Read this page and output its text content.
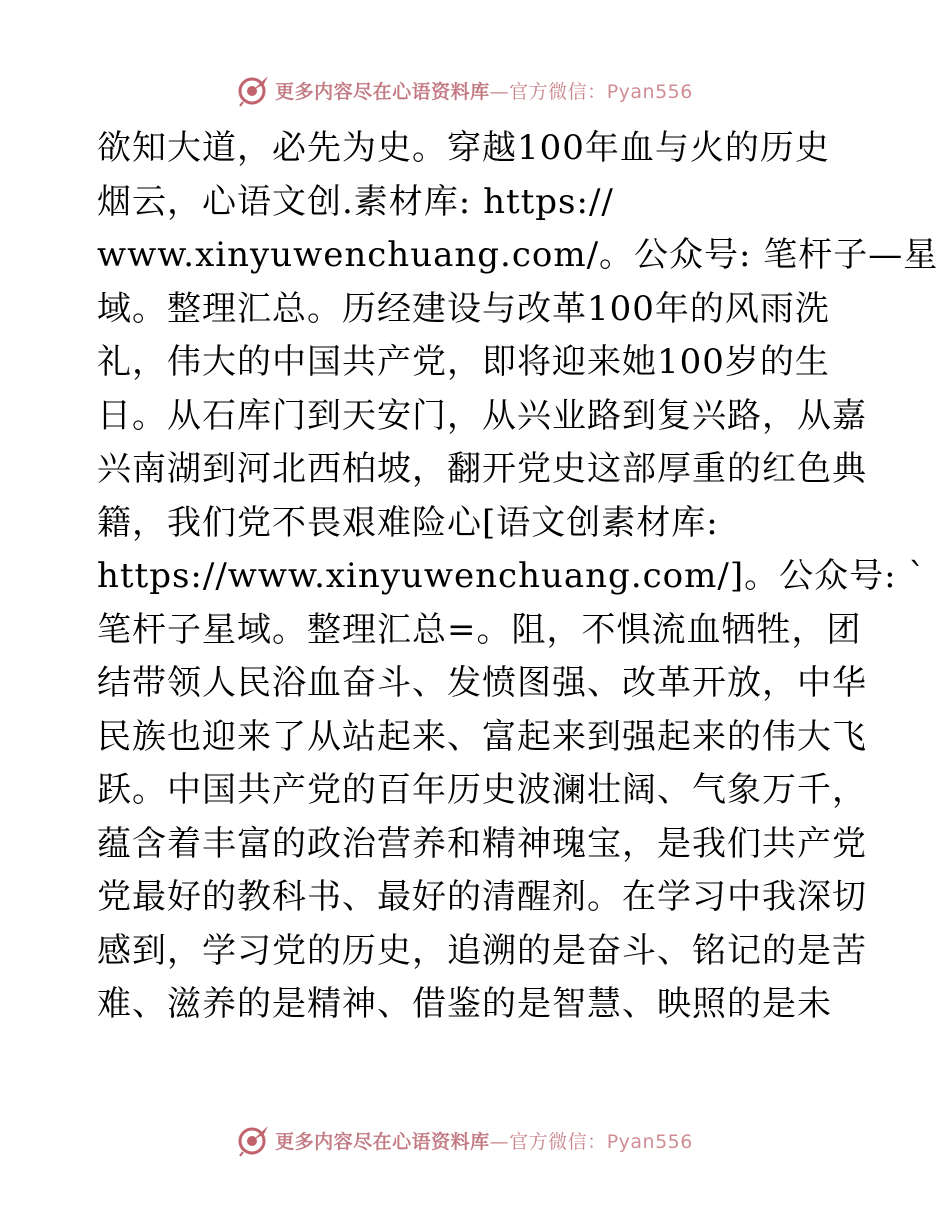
更多内容尽在心语资料库—官方微信：Pyan556
欲知大道，必先为史。穿越100年血与火的历史
烟云，心语文创.素材库: https://
www.xinyuwenchuang.com/。公众号: 笔杆子—星
域。整理汇总。历经建设与改革100年的风雨洗
礼，伟大的中国共产党，即将迎来她100岁的生
日。从石库门到天安门，从兴业路到复兴路，从嘉
兴南湖到河北西柏坡，翻开党史这部厚重的红色典
籍，我们党不畏艰难险心[语文创素材库:
https://www.xinyuwenchuang.com/]。公众号: `
笔杆子星域。整理汇总=。阻，不惧流血牺牲，团
结带领人民浴血奋斗、发愤图强、改革开放，中华
民族也迎来了从站起来、富起来到强起来的伟大飞
跃。中国共产党的百年历史波澜壮阔、气象万千，
蕴含着丰富的政治营养和精神瑰宝，是我们共产党
党最好的教科书、最好的清醒剂。在学习中我深切
感到，学习党的历史，追溯的是奋斗、铭记的是苦
难、滋养的是精神、借鉴的是智慧、映照的是未
更多内容尽在心语资料库—官方微信：Pyan556
